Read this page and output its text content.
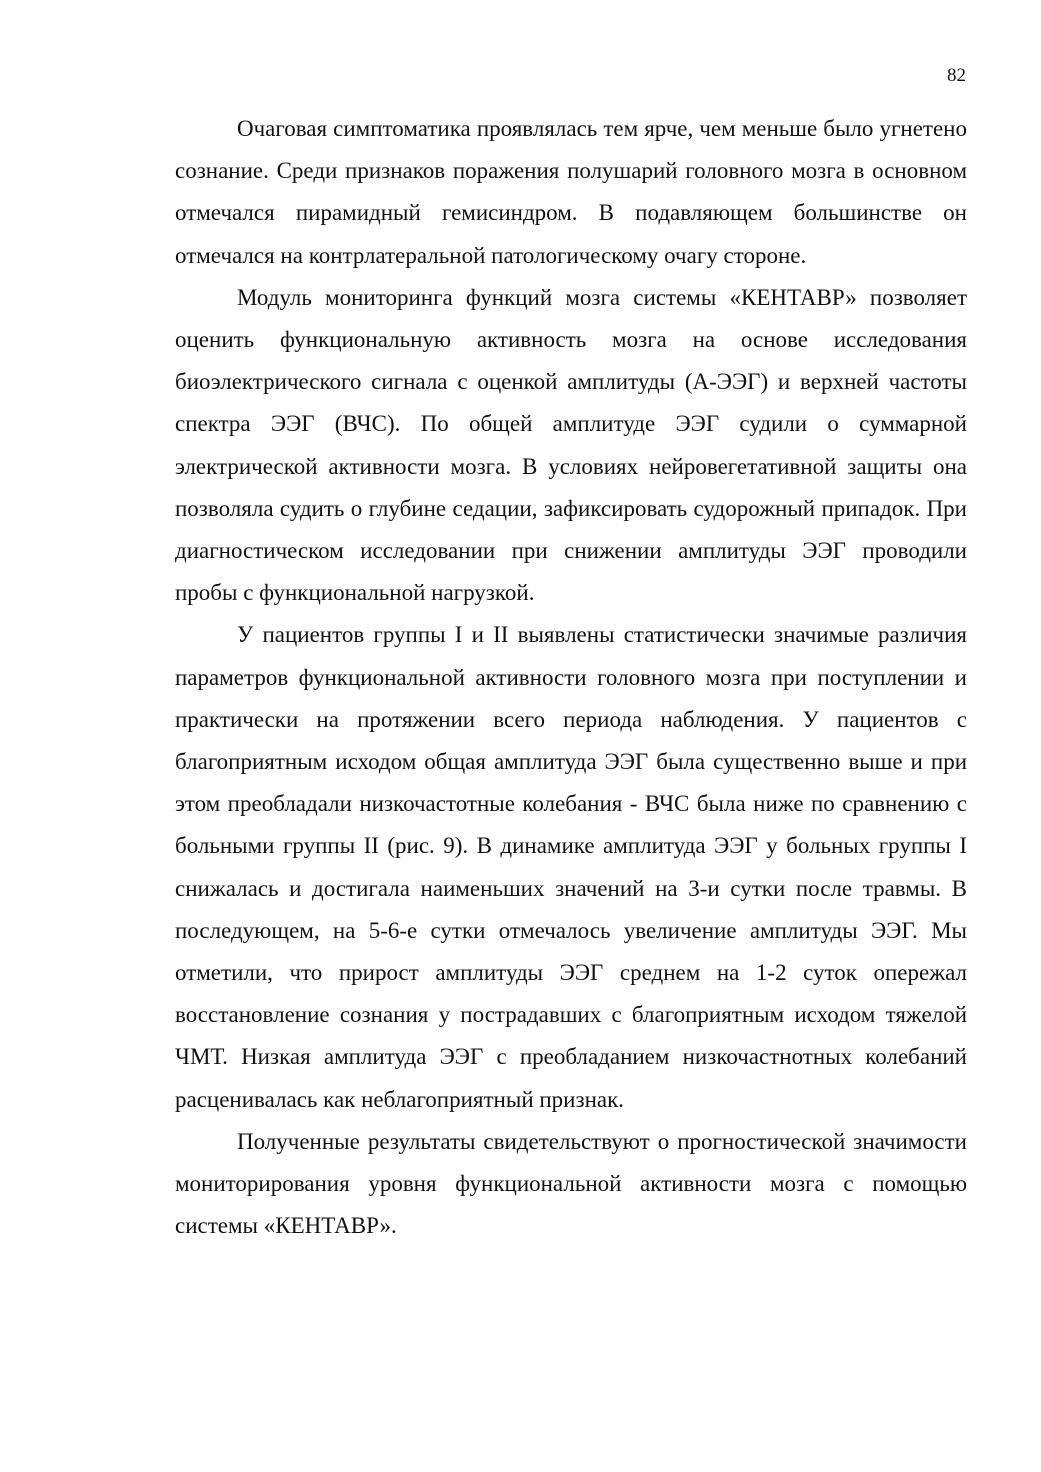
82

Очаговая симптоматика проявлялась тем ярче, чем меньше было угнетено сознание. Среди признаков поражения полушарий головного мозга в основном отмечался пирамидный гемисиндром. В подавляющем большинстве он отмечался на контрлатеральной патологическому очагу стороне.

Модуль мониторинга функций мозга системы «КЕНТАВР» позволяет оценить функциональную активность мозга на основе исследования биоэлектрического сигнала с оценкой амплитуды (А-ЭЭГ) и верхней частоты спектра ЭЭГ (ВЧС). По общей амплитуде ЭЭГ судили о суммарной электрической активности мозга. В условиях нейровегетативной защиты она позволяла судить о глубине седации, зафиксировать судорожный припадок. При диагностическом исследовании при снижении амплитуды ЭЭГ проводили пробы с функциональной нагрузкой.

У пациентов группы I и II выявлены статистически значимые различия параметров функциональной активности головного мозга при поступлении и практически на протяжении всего периода наблюдения. У пациентов с благоприятным исходом общая амплитуда ЭЭГ была существенно выше и при этом преобладали низкочастотные колебания - ВЧС была ниже по сравнению с больными группы II (рис. 9). В динамике амплитуда ЭЭГ у больных группы I снижалась и достигала наименьших значений на 3-и сутки после травмы. В последующем, на 5-6-е сутки отмечалось увеличение амплитуды ЭЭГ. Мы отметили, что прирост амплитуды ЭЭГ среднем на 1-2 суток опережал восстановление сознания у пострадавших с благоприятным исходом тяжелой ЧМТ. Низкая амплитуда ЭЭГ с преобладанием низкочастнотных колебаний расценивалась как неблагоприятный признак.

Полученные результаты свидетельствуют о прогностической значимости мониторирования уровня функциональной активности мозга с помощью системы «КЕНТАВР».
